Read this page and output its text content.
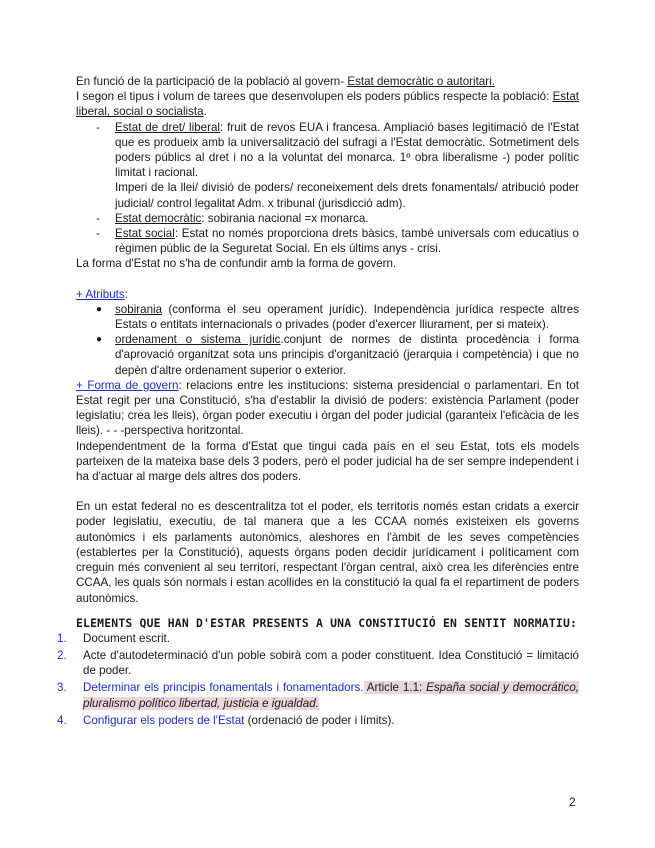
En funció de la participació de la població al govern- Estat democràtic o autoritari.

I segon el tipus i volum de tarees que desenvolupen els poders públics respecte la població: Estat liberal, social o socialista.

- Estat de dret/ liberal: fruit de revos EUA i francesa. Ampliació bases legitimació de l'Estat que es produeix amb la universalització del sufragi a l'Estat democràtic. Sotmetiment dels poders públics al dret i no a la voluntat del monarca. 1º obra liberalisme -) poder polític limitat i racional.
Imperi de la llei/ divisió de poders/ reconeixement dels drets fonamentals/ atribució poder judicial/ control legalitat Adm. x tribunal (jurisdicció adm).
- Estat democràtic: sobirania nacional =x monarca.
- Estat social: Estat no només proporciona drets bàsics, també universals com educatius o règimen públic de la Seguretat Social. En els últims anys - crisi.

La forma d'Estat no s'ha de confundir amb la forma de govern.

+ Atributs:

● sobirania (conforma el seu operament jurídic). Independència jurídica respecte altres Estats o entitats internacionals o privades (poder d'exercer lliurament, per si mateix).
● ordenament o sistema jurídic.conjunt de normes de distinta procedència i forma d'aprovació organitzat sota uns principis d'organització (jerarquia i competència) i que no depèn d'altre ordenament superior o exterior.

+ Forma de govern: relacions entre les institucions: sistema presidencial o parlamentari. En tot Estat regit per una Constitució, s'ha d'establir la divisió de poders: existència Parlament (poder legislatiu; crea les lleis), òrgan poder executiu i òrgan del poder judicial (garanteix l'eficàcia de les lleis). - - -perspectiva horitzontal.

Independentment de la forma d'Estat que tingui cada país en el seu Estat, tots els models parteixen de la mateixa base dels 3 poders, però el poder judicial ha de ser sempre independent i ha d'actuar al marge dels altres dos poders.

En un estat federal no es descentralitza tot el poder, els territoris només estan cridats a exercir poder legislatiu, executiu, de tal manera que a les CCAA només existeixen els governs autonòmics i els parlaments autonòmics, aleshores en l'àmbit de les seves competències (establertes per la Constitució), aquests òrgans poden decidir jurídicament i políticament com creguin més convenient al seu territori, respectant l'òrgan central, això crea les diferències entre CCAA, les quals són normals i estan acollides en la constitució la qual fa el repartiment de poders autonòmics.

ELEMENTS QUE HAN D'ESTAR PRESENTS A UNA CONSTITUCIÓ EN SENTIT NORMATIU:
1. Document escrit.
2. Acte d'autodeterminació d'un poble sobirà com a poder constituent. Idea Constitució = limitació de poder.
3. Determinar els principis fonamentals i fonamentadors. Article 1.1: España social y democrático, pluralismo político libertad, justicia e igualdad.
4. Configurar els poders de l'Estat (ordenació de poder i límits).
2
